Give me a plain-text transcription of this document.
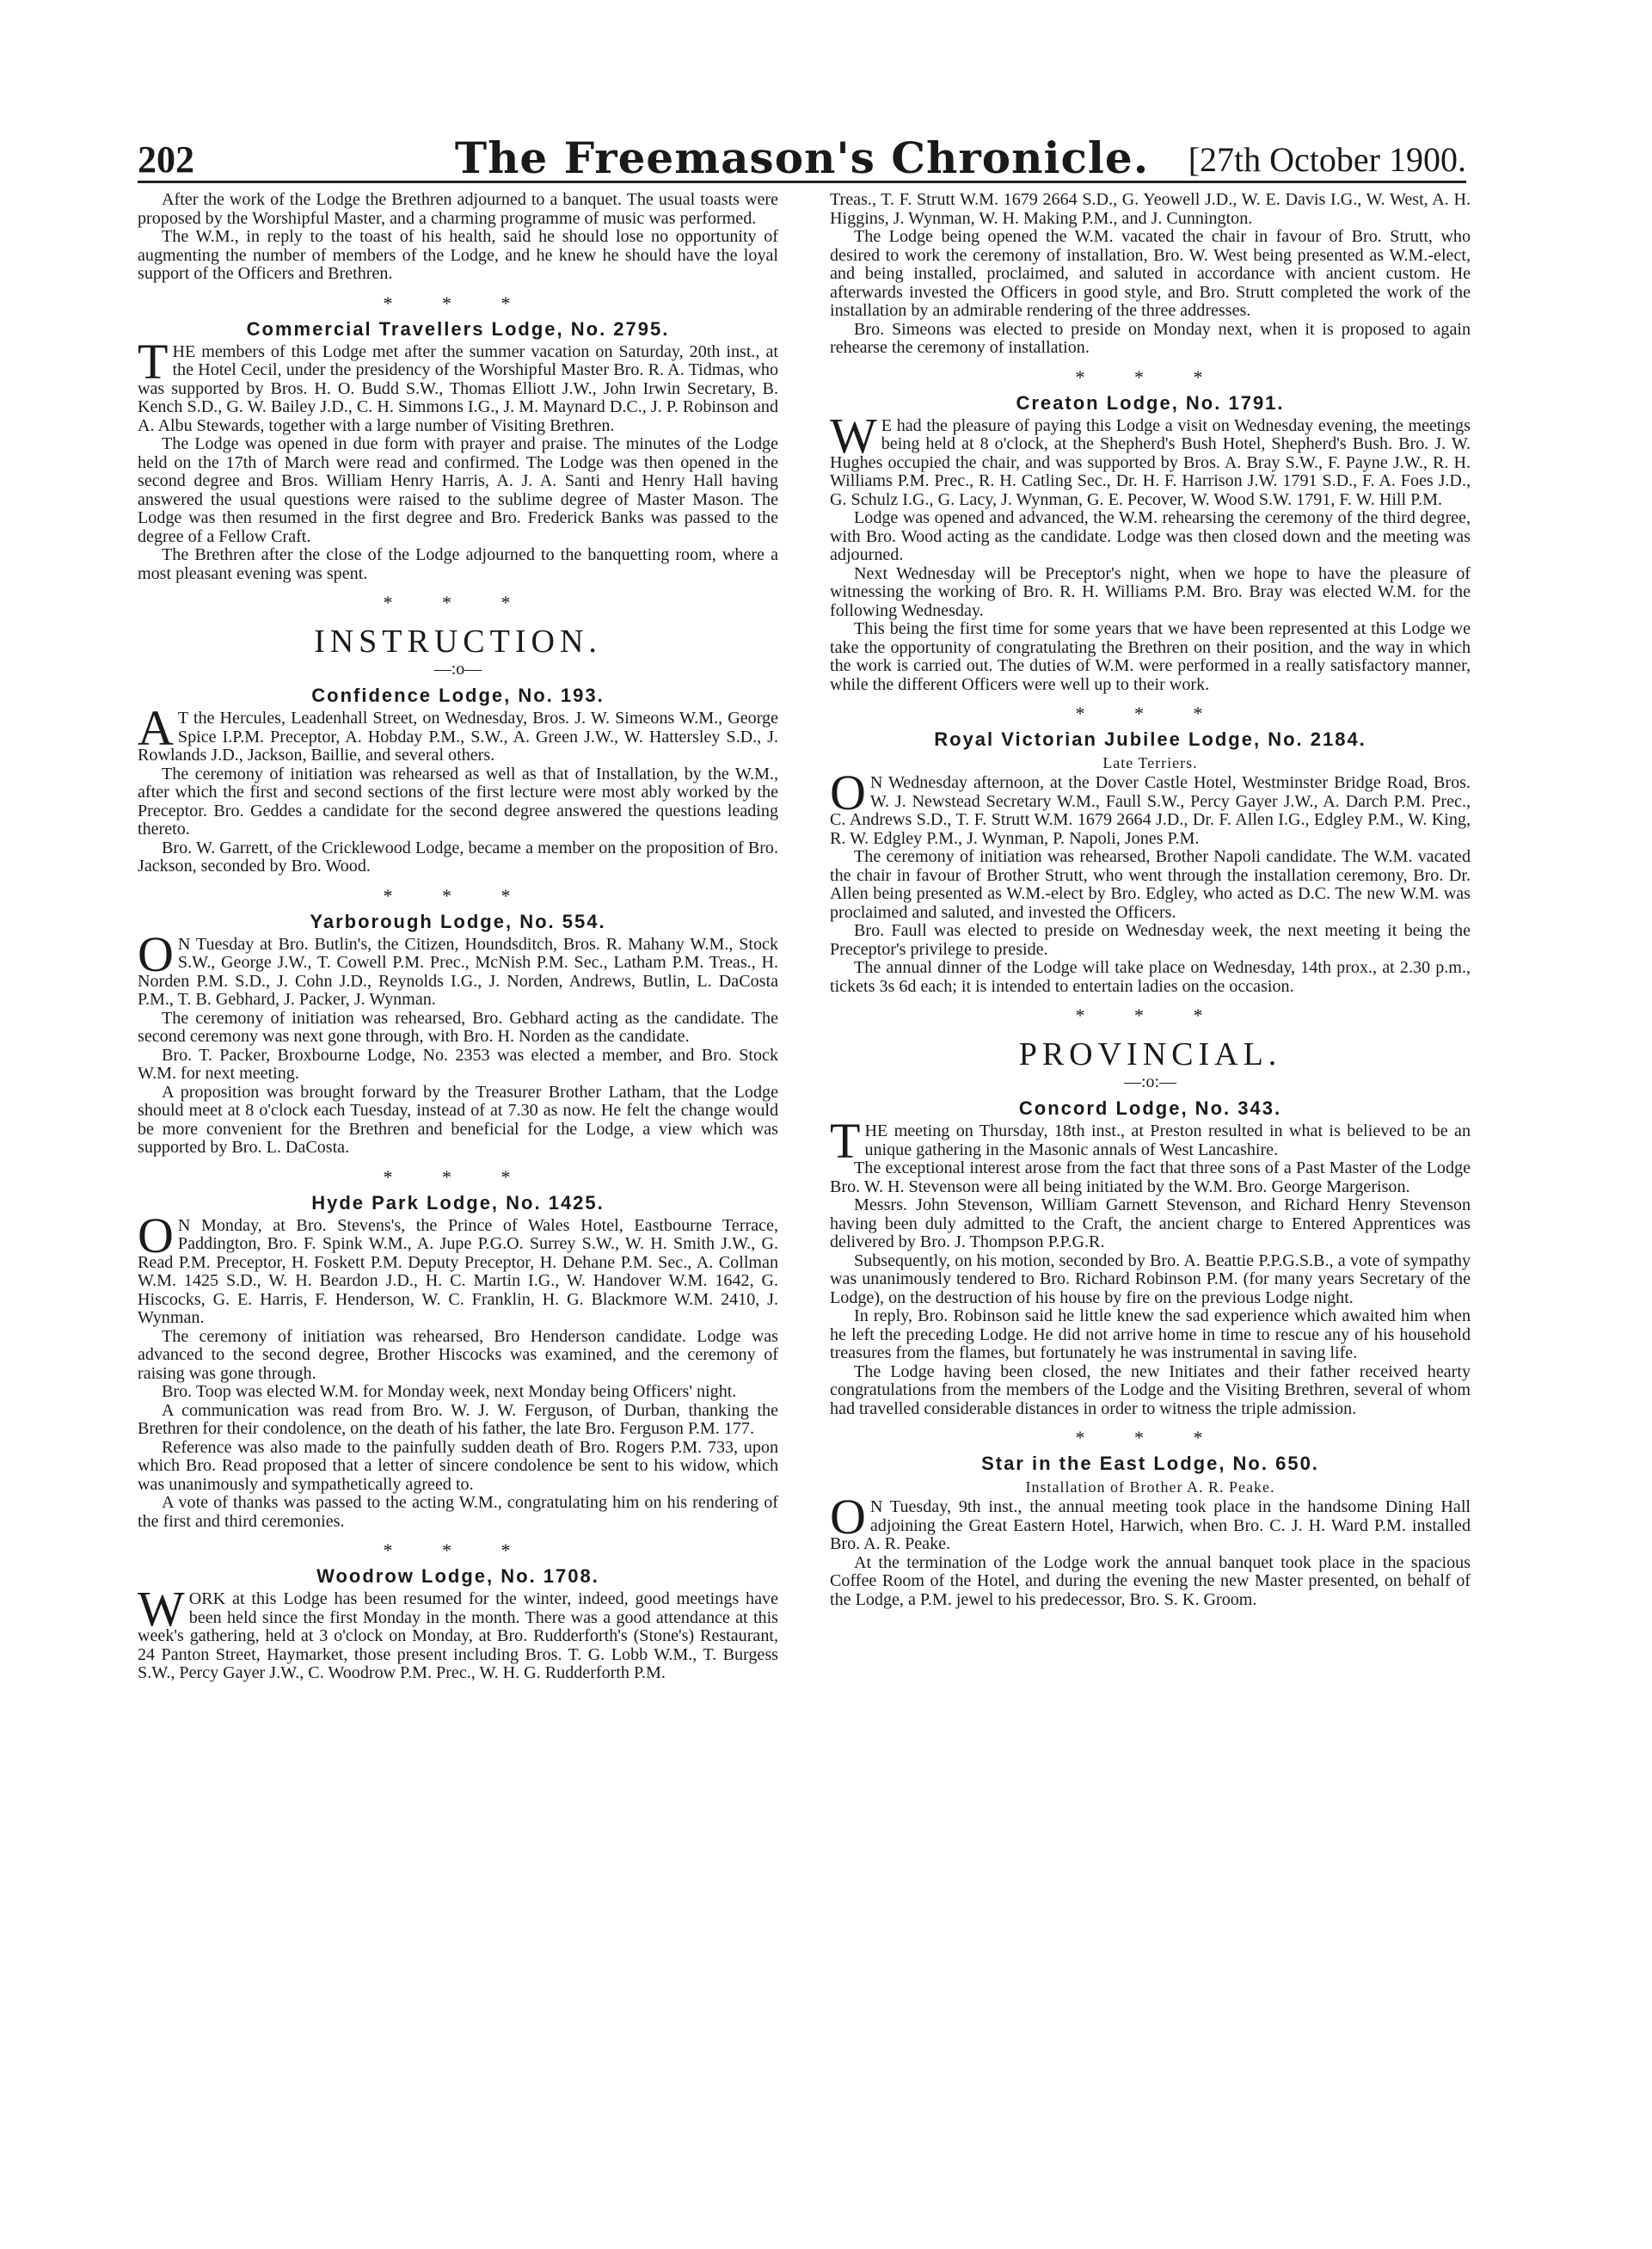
202	The Freemason's Chronicle.	[27th October 1900.

After the work of the Lodge the Brethren adjourned to a banquet. The usual toasts were proposed by the Worshipful Master, and a charming programme of music was performed.

The W.M., in reply to the toast of his health, said he should lose no opportunity of augmenting the number of members of the Lodge, and he knew he should have the loyal support of the Officers and Brethren.

* * *
Commercial Travellers Lodge, No. 2795.

THE members of this Lodge met after the summer vacation on Saturday, 20th inst., at the Hotel Cecil, under the presidency of the Worshipful Master Bro. R. A. Tidmas, who was supported by Bros. H. O. Budd S.W., Thomas Elliott J.W., John Irwin Secretary, B. Kench S.D., G. W. Bailey J.D., C. H. Simmons I.G., J. M. Maynard D.C., J. P. Robinson and A. Albu Stewards, together with a large number of Visiting Brethren.

The Lodge was opened in due form with prayer and praise. The minutes of the Lodge held on the 17th of March were read and confirmed. The Lodge was then opened in the second degree and Bros. William Henry Harris, A. J. A. Santi and Henry Hall having answered the usual questions were raised to the sublime degree of Master Mason. The Lodge was then resumed in the first degree and Bro. Frederick Banks was passed to the degree of a Fellow Craft.

The Brethren after the close of the Lodge adjourned to the banquetting room, where a most pleasant evening was spent.

* * *
INSTRUCTION.
—:o—
Confidence Lodge, No. 193.

A T the Hercules, Leadenhall Street, on Wednesday, Bros. J. W. Simeons W.M., George Spice I.P.M. Preceptor, A. Hobday P.M., S.W., A. Green J.W., W. Hattersley S.D., J. Rowlands J.D., Jackson, Baillie, and several others.

The ceremony of initiation was rehearsed as well as that of Installation, by the W.M., after which the first and second sections of the first lecture were most ably worked by the Preceptor. Bro. Geddes a candidate for the second degree answered the questions leading thereto.

Bro. W. Garrett, of the Cricklewood Lodge, became a member on the proposition of Bro. Jackson, seconded by Bro. Wood.

* * *
Yarborough Lodge, No. 554.

O N Tuesday at Bro. Butlin's, the Citizen, Houndsditch, Bros. R. Mahany W.M., Stock S.W., George J.W., T. Cowell P.M. Prec., McNish P.M. Sec., Latham P.M. Treas., H. Norden P.M. S.D., J. Cohn J.D., Reynolds I.G., J. Norden, Andrews, Butlin, L. DaCosta P.M., T. B. Gebhard, J. Packer, J. Wynman.

The ceremony of initiation was rehearsed, Bro. Gebhard acting as the candidate. The second ceremony was next gone through, with Bro. H. Norden as the candidate.

Bro. T. Packer, Broxbourne Lodge, No. 2353 was elected a member, and Bro. Stock W.M. for next meeting.

A proposition was brought forward by the Treasurer Brother Latham, that the Lodge should meet at 8 o'clock each Tuesday, instead of at 7.30 as now. He felt the change would be more convenient for the Brethren and beneficial for the Lodge, a view which was supported by Bro. L. DaCosta.

* * *
Hyde Park Lodge, No. 1425.

O N Monday, at Bro. Stevens's, the Prince of Wales Hotel, Eastbourne Terrace, Paddington, Bro. F. Spink W.M., A. Jupe P.G.O. Surrey S.W., W. H. Smith J.W., G. Read P.M. Preceptor, H. Foskett P.M. Deputy Preceptor, H. Dehane P.M. Sec., A. Collman W.M. 1425 S.D., W. H. Beardon J.D., H. C. Martin I.G., W. Handover W.M. 1642, G. Hiscocks, G. E. Harris, F. Henderson, W. C. Franklin, H. G. Blackmore W.M. 2410, J. Wynman.

The ceremony of initiation was rehearsed, Bro Henderson candidate. Lodge was advanced to the second degree, Brother Hiscocks was examined, and the ceremony of raising was gone through.

Bro. Toop was elected W.M. for Monday week, next Monday being Officers' night.

A communication was read from Bro. W. J. W. Ferguson, of Durban, thanking the Brethren for their condolence, on the death of his father, the late Bro. Ferguson P.M. 177.

Reference was also made to the painfully sudden death of Bro. Rogers P.M. 733, upon which Bro. Read proposed that a letter of sincere condolence be sent to his widow, which was unanimously and sympathetically agreed to.

A vote of thanks was passed to the acting W.M., congratulating him on his rendering of the first and third ceremonies.

* * *
Woodrow Lodge, No. 1708.

WORK at this Lodge has been resumed for the winter, indeed, good meetings have been held since the first Monday in the month. There was a good attendance at this week's gathering, held at 3 o'clock on Monday, at Bro. Rudderforth's (Stone's) Restaurant, 24 Panton Street, Haymarket, those present including Bros. T. G. Lobb W.M., T. Burgess S.W., Percy Gayer J.W., C. Woodrow P.M. Prec., W. H. G. Rudderforth P.M.

Treas., T. F. Strutt W.M. 1679 2664 S.D., G. Yeowell J.D., W. E. Davis I.G., W. West, A. H. Higgins, J. Wynman, W. H. Making P.M., and J. Cunnington.

The Lodge being opened the W.M. vacated the chair in favour of Bro. Strutt, who desired to work the ceremony of installation, Bro. W. West being presented as W.M.-elect, and being installed, proclaimed, and saluted in accordance with ancient custom. He afterwards invested the Officers in good style, and Bro. Strutt completed the work of the installation by an admirable rendering of the three addresses.

Bro. Simeons was elected to preside on Monday next, when it is proposed to again rehearse the ceremony of installation.

* * *
Creaton Lodge, No. 1791.

W E had the pleasure of paying this Lodge a visit on Wednesday evening, the meetings being held at 8 o'clock, at the Shepherd's Bush Hotel, Shepherd's Bush. Bro. J. W. Hughes occupied the chair, and was supported by Bros. A. Bray S.W., F. Payne J.W., R. H. Williams P.M. Prec., R. H. Catling Sec., Dr. H. F. Harrison J.W. 1791 S.D., F. A. Foes J.D., G. Schulz I.G., G. Lacy, J. Wynman, G. E. Pecover, W. Wood S.W. 1791, F. W. Hill P.M.

Lodge was opened and advanced, the W.M. rehearsing the ceremony of the third degree, with Bro. Wood acting as the candidate. Lodge was then closed down and the meeting was adjourned.

Next Wednesday will be Preceptor's night, when we hope to have the pleasure of witnessing the working of Bro. R. H. Williams P.M. Bro. Bray was elected W.M. for the following Wednesday.

This being the first time for some years that we have been represented at this Lodge we take the opportunity of congratulating the Brethren on their position, and the way in which the work is carried out. The duties of W.M. were performed in a really satisfactory manner, while the different Officers were well up to their work.

* * *
Royal Victorian Jubilee Lodge, No. 2184.
Late Terriers.

O N Wednesday afternoon, at the Dover Castle Hotel, Westminster Bridge Road, Bros. W. J. Newstead Secretary W.M., Faull S.W., Percy Gayer J.W., A. Darch P.M. Prec., C. Andrews S.D., T. F. Strutt W.M. 1679 2664 J.D., Dr. F. Allen I.G., Edgley P.M., W. King, R. W. Edgley P.M., J. Wynman, P. Napoli, Jones P.M.

The ceremony of initiation was rehearsed, Brother Napoli candidate. The W.M. vacated the chair in favour of Brother Strutt, who went through the installation ceremony, Bro. Dr. Allen being presented as W.M.-elect by Bro. Edgley, who acted as D.C. The new W.M. was proclaimed and saluted, and invested the Officers.

Bro. Faull was elected to preside on Wednesday week, the next meeting it being the Preceptor's privilege to preside.

The annual dinner of the Lodge will take place on Wednesday, 14th prox., at 2.30 p.m., tickets 3s 6d each; it is intended to entertain ladies on the occasion.

* * *
PROVINCIAL.
—:o:—
Concord Lodge, No. 343.

THE meeting on Thursday, 18th inst., at Preston resulted in what is believed to be an unique gathering in the Masonic annals of West Lancashire.

The exceptional interest arose from the fact that three sons of a Past Master of the Lodge Bro. W. H. Stevenson were all being initiated by the W.M. Bro. George Margerison.

Messrs. John Stevenson, William Garnett Stevenson, and Richard Henry Stevenson having been duly admitted to the Craft, the ancient charge to Entered Apprentices was delivered by Bro. J. Thompson P.P.G.R.

Subsequently, on his motion, seconded by Bro. A. Beattie P.P.G.S.B., a vote of sympathy was unanimously tendered to Bro. Richard Robinson P.M. (for many years Secretary of the Lodge), on the destruction of his house by fire on the previous Lodge night.

In reply, Bro. Robinson said he little knew the sad experience which awaited him when he left the preceding Lodge. He did not arrive home in time to rescue any of his household treasures from the flames, but fortunately he was instrumental in saving life.

The Lodge having been closed, the new Initiates and their father received hearty congratulations from the members of the Lodge and the Visiting Brethren, several of whom had travelled considerable distances in order to witness the triple admission.

* * *
Star in the East Lodge, No. 650.
Installation of Brother A. R. Peake.

O N Tuesday, 9th inst., the annual meeting took place in the handsome Dining Hall adjoining the Great Eastern Hotel, Harwich, when Bro. C. J. H. Ward P.M. installed Bro. A. R. Peake.

At the termination of the Lodge work the annual banquet took place in the spacious Coffee Room of the Hotel, and during the evening the new Master presented, on behalf of the Lodge, a P.M. jewel to his predecessor, Bro. S. K. Groom.
